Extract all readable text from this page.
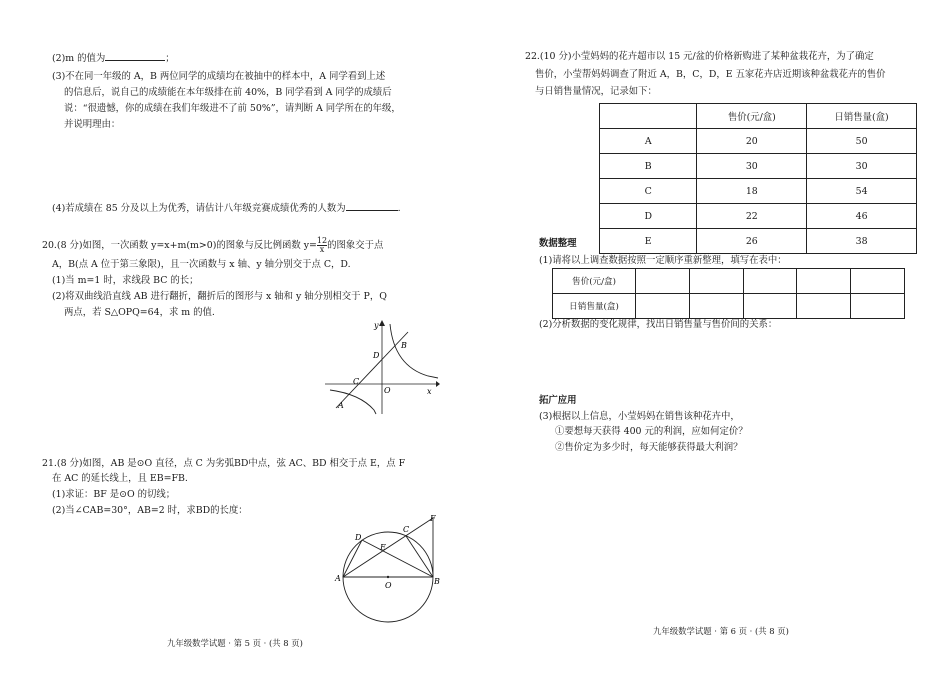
(2)m 的值为	；
(3)不在同一年级的 A，B 两位同学的成绩均在被抽中的样本中，A 同学看到上述
的信息后，说自己的成绩能在本年级排在前 40%，B 同学看到 A 同学的成绩后
说：“很遗憾，你的成绩在我们年级进不了前 50%”，请判断 A 同学所在的年级，
并说明理由：
(4)若成绩在 85 分及以上为优秀，请估计八年级竞赛成绩优秀的人数为	.
20.(8 分)如图，一次函数 y=x+m(m>0)的图象与反比例函数 $y= \frac{12}{x}$ 的图象交于点
A，B(点 A 位于第三象限)，且一次函数与 x 轴、y 轴分别交于点 C，D.
(1)当 m=1 时，求线段 BC 的长；
(2)将双曲线沿直线 AB 进行翻折，翻折后的图形与 x 轴和 y 轴分别相交于 P，Q
两点，若 S△OPQ=64，求 m 的值.
y
x
O
A
B
C
D
21.(8 分)如图，AB 是⊙O 直径，点 C 为劣弧BD中点，弦 AC、BD 相交于点 E，点 F
在 AC 的延长线上，且 EB=FB.
(1)求证：BF 是⊙O 的切线；
(2)当∠CAB=30°，AB=2 时，求BD的长度：
A	B
C
D
E
F
O
九年级数学试题 · 第 5 页 · (共 8 页)
22.(10 分)小莹妈妈的花卉超市以 15 元/盆的价格新购进了某种盆栽花卉，为了确定
售价，小莹帮妈妈调查了附近 A，B，C，D，E 五家花卉店近期该种盆栽花卉的售价
与日销售量情况，记录如下：
	售价(元/盒)	日销售量(盒)
A	20	50
B	30	30
C	18	54
D	22	46
E	26	38
数据整理
(1)请将以上调查数据按照一定顺序重新整理，填写在表中：
售价(元/盒)					
日销售量(盒)					
(2)分析数据的变化规律，找出日销售量与售价间的关系：
拓广应用
(3)根据以上信息，小莹妈妈在销售该种花卉中，
①要想每天获得 400 元的利润，应如何定价？
②售价定为多少时，每天能够获得最大利润？
九年级数学试题 · 第 6 页 · (共 8 页)
